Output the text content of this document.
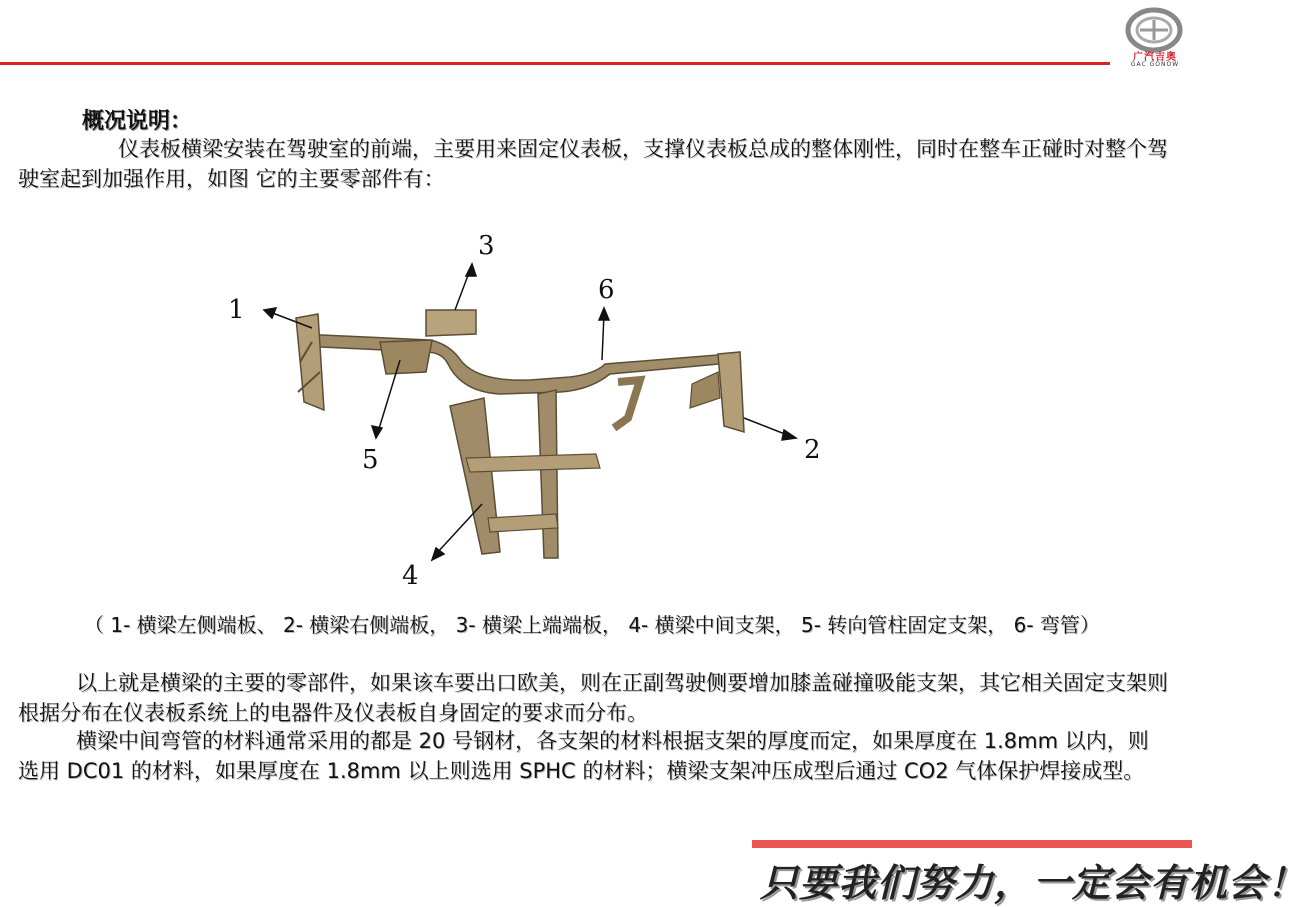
广汽吉奥
GAC GONOW
概况说明：
仪表板横梁安装在驾驶室的前端，主要用来固定仪表板，支撑仪表板总成的整体刚性，同时在整车正碰时对整个驾驶室起到加强作用，如图 它的主要零部件有：
1
2
3
4
5
6
（ 1- 横梁左侧端板、 2- 横梁右侧端板， 3- 横梁上端端板， 4- 横梁中间支架， 5- 转向管柱固定支架， 6- 弯管）
以上就是横梁的主要的零部件，如果该车要出口欧美，则在正副驾驶侧要增加膝盖碰撞吸能支架，其它相关固定支架则根据分布在仪表板系统上的电器件及仪表板自身固定的要求而分布。
横梁中间弯管的材料通常采用的都是 20 号钢材，各支架的材料根据支架的厚度而定，如果厚度在 1.8mm 以内，则选用 DC01 的材料，如果厚度在 1.8mm 以上则选用 SPHC 的材料；横梁支架冲压成型后通过 CO2 气体保护焊接成型。
只要我们努力，一定会有机会！
